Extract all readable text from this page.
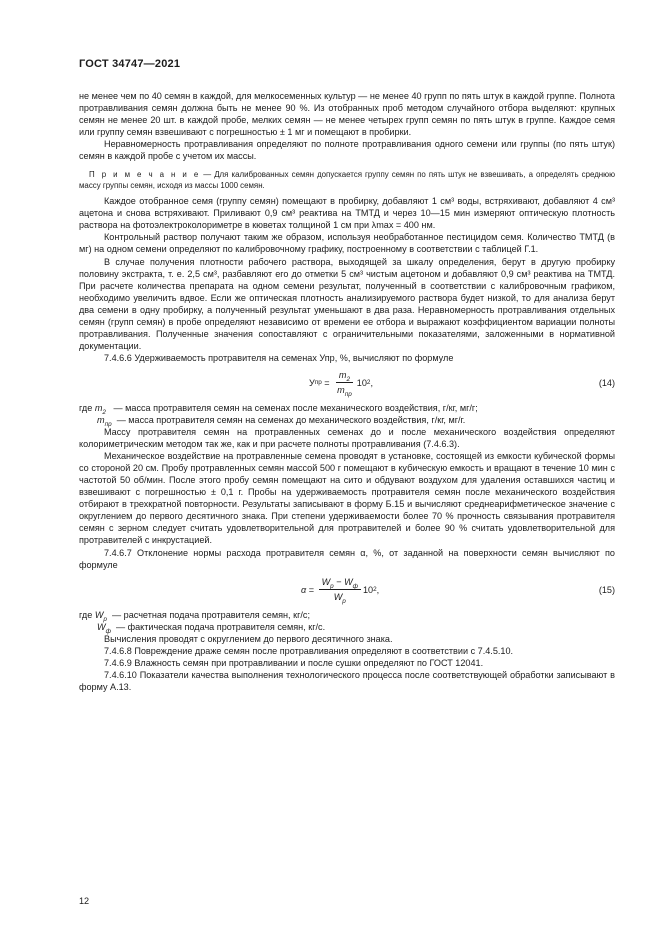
ГОСТ 34747—2021

не менее чем по 40 семян в каждой, для мелкосеменных культур — не менее 40 групп по пять штук в каждой группе. Полнота протравливания семян должна быть не менее 90 %. Из отобранных проб методом случайного отбора выделяют: крупных семян не менее 20 шт. в каждой пробе, мелких семян — не менее четырех групп семян по пять штук в группе. Каждое семя или группу семян взвешивают с погрешностью ± 1 мг и помещают в пробирки.

Неравномерность протравливания определяют по полноте протравливания одного семени или группы (по пять штук) семян в каждой пробе с учетом их массы.

П р и м е ч а н и е — Для калиброванных семян допускается группу семян по пять штук не взвешивать, а определять среднюю массу группы семян, исходя из массы 1000 семян.

Каждое отобранное семя (группу семян) помещают в пробирку, добавляют 1 см³ воды, встряхивают, добавляют 4 см³ ацетона и снова встряхивают. Приливают 0,9 см³ реактива на ТМТД и через 10—15 мин измеряют оптическую плотность раствора на фотоэлектроколориметре в кюветах толщиной 1 см при λmax = 400 нм.

Контрольный раствор получают таким же образом, используя необработанное пестицидом семя. Количество ТМТД (в мг) на одном семени определяют по калибровочному графику, построенному в соответствии с таблицей Г.1.

В случае получения плотности рабочего раствора, выходящей за шкалу определения, берут в другую пробирку половину экстракта, т. е. 2,5 см³, разбавляют его до отметки 5 см³ чистым ацетоном и добавляют 0,9 см³ реактива на ТМТД. При расчете количества препарата на одном семени результат, полученный в соответствии с калибровочным графиком, необходимо увеличить вдвое. Если же оптическая плотность анализируемого раствора будет низкой, то для анализа берут два семени в одну пробирку, а полученный результат уменьшают в два раза. Неравномерность протравливания отдельных семян (групп семян) в пробе определяют независимо от времени ее отбора и выражают коэффициентом вариации полноты протравливания. Полученные значения сопоставляют с ограничительными показателями, заложенными в нормативной документации.

7.4.6.6 Удерживаемость протравителя на семенах Упр, %, вычисляют по формуле

У пр
=
$\frac{m_2}{m_{пр}} 10$ 2 ,	(14)
где $m_2$ — масса протравителя семян на семенах после механического воздействия, г/кг, мг/г;
$m_{пр}$ — масса протравителя семян на семенах до механического воздействия, г/кг, мг/г.

Массу протравителя семян на протравленных семенах до и после механического воздействия определяют колориметрическим методом так же, как и при расчете полноты протравливания (7.4.6.3).

Механическое воздействие на протравленные семена проводят в установке, состоящей из емкости кубической формы со стороной 20 см. Пробу протравленных семян массой 500 г помещают в кубическую емкость и вращают в течение 10 мин с частотой 50 об/мин. После этого пробу семян помещают на сито и обдувают воздухом для удаления оставшихся частиц и взвешивают с погрешностью ± 0,1 г. Пробы на удерживаемость протравителя семян после механического воздействия отбирают в трехкратной повторности. Результаты записывают в форму Б.15 и вычисляют среднеарифметическое значение с округлением до первого десятичного знака. При степени удерживаемости более 70 % прочность связывания протравителя семян с зерном следует считать удовлетворительной для протравителей и более 90 % считать удовлетворительной для протравителей с инкрустацией.

7.4.6.7 Отклонение нормы расхода протравителя семян α, %, от заданной на поверхности семян вычисляют по формуле

α
=
$\frac{W_р - W_ф}{W_р} 10$ 2 ,	(15)
где $W_р$ — расчетная подача протравителя семян, кг/с;
$W_ф$ — фактическая подача протравителя семян, кг/с.

Вычисления проводят с округлением до первого десятичного знака.

7.4.6.8 Повреждение драже семян после протравливания определяют в соответствии с 7.4.5.10.

7.4.6.9 Влажность семян при протравливании и после сушки определяют по ГОСТ 12041.

7.4.6.10 Показатели качества выполнения технологического процесса после соответствующей обработки записывают в форму А.13.

12
